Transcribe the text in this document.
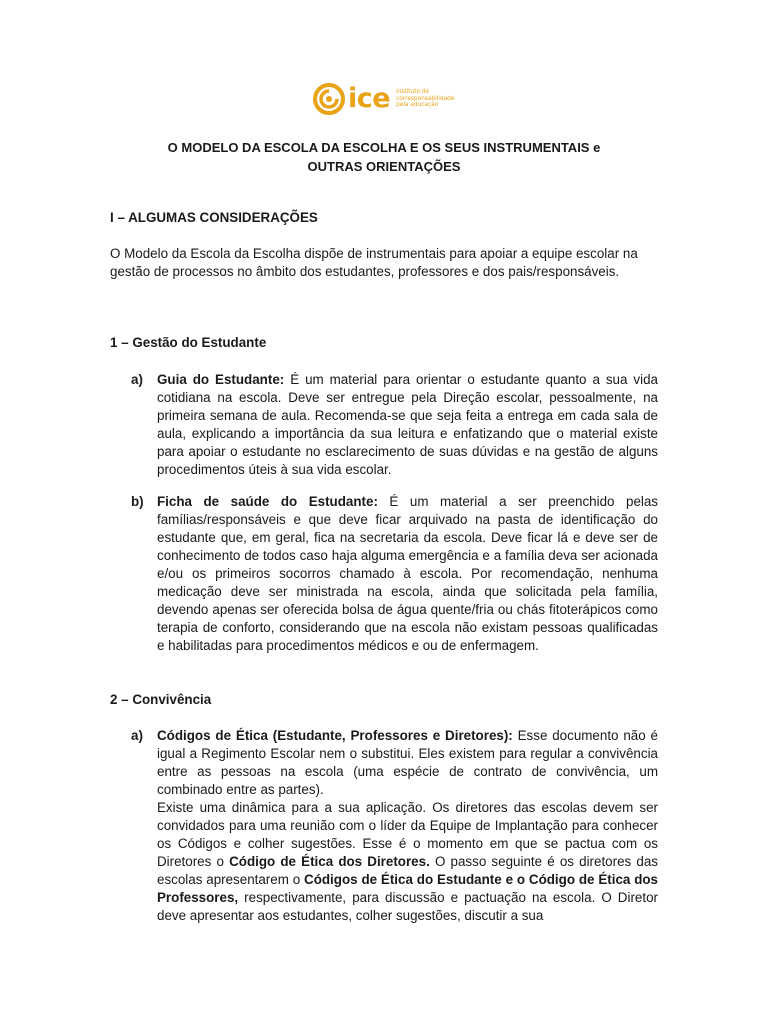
ice instituto de corresponsabilidade pela educação
O MODELO DA ESCOLA DA ESCOLHA E OS SEUS INSTRUMENTAIS e
OUTRAS ORIENTAÇÕES
I – ALGUMAS CONSIDERAÇÕES

O Modelo da Escola da Escolha dispõe de instrumentais para apoiar a equipe escolar na gestão de processos no âmbito dos estudantes, professores e dos pais/responsáveis.

1 – Gestão do Estudante
a) Guia do Estudante: É um material para orientar o estudante quanto a sua vida cotidiana na escola. Deve ser entregue pela Direção escolar, pessoalmente, na primeira semana de aula. Recomenda-se que seja feita a entrega em cada sala de aula, explicando a importância da sua leitura e enfatizando que o material existe para apoiar o estudante no esclarecimento de suas dúvidas e na gestão de alguns procedimentos úteis à sua vida escolar.

b) Ficha de saúde do Estudante: É um material a ser preenchido pelas famílias/responsáveis e que deve ficar arquivado na pasta de identificação do estudante que, em geral, fica na secretaria da escola. Deve ficar lá e deve ser de conhecimento de todos caso haja alguma emergência e a família deva ser acionada e/ou os primeiros socorros chamado à escola. Por recomendação, nenhuma medicação deve ser ministrada na escola, ainda que solicitada pela família, devendo apenas ser oferecida bolsa de água quente/fria ou chás fitoterápicos como terapia de conforto, considerando que na escola não existam pessoas qualificadas e habilitadas para procedimentos médicos e ou de enfermagem.

2 – Convivência
a) Códigos de Ética (Estudante, Professores e Diretores): Esse documento não é igual a Regimento Escolar nem o substitui. Eles existem para regular a convivência entre as pessoas na escola (uma espécie de contrato de convivência, um combinado entre as partes).

Existe uma dinâmica para a sua aplicação. Os diretores das escolas devem ser convidados para uma reunião com o líder da Equipe de Implantação para conhecer os Códigos e colher sugestões. Esse é o momento em que se pactua com os Diretores o Código de Ética dos Diretores. O passo seguinte é os diretores das escolas apresentarem o Códigos de Ética do Estudante e o Código de Ética dos Professores, respectivamente, para discussão e pactuação na escola. O Diretor deve apresentar aos estudantes, colher sugestões, discutir a sua
